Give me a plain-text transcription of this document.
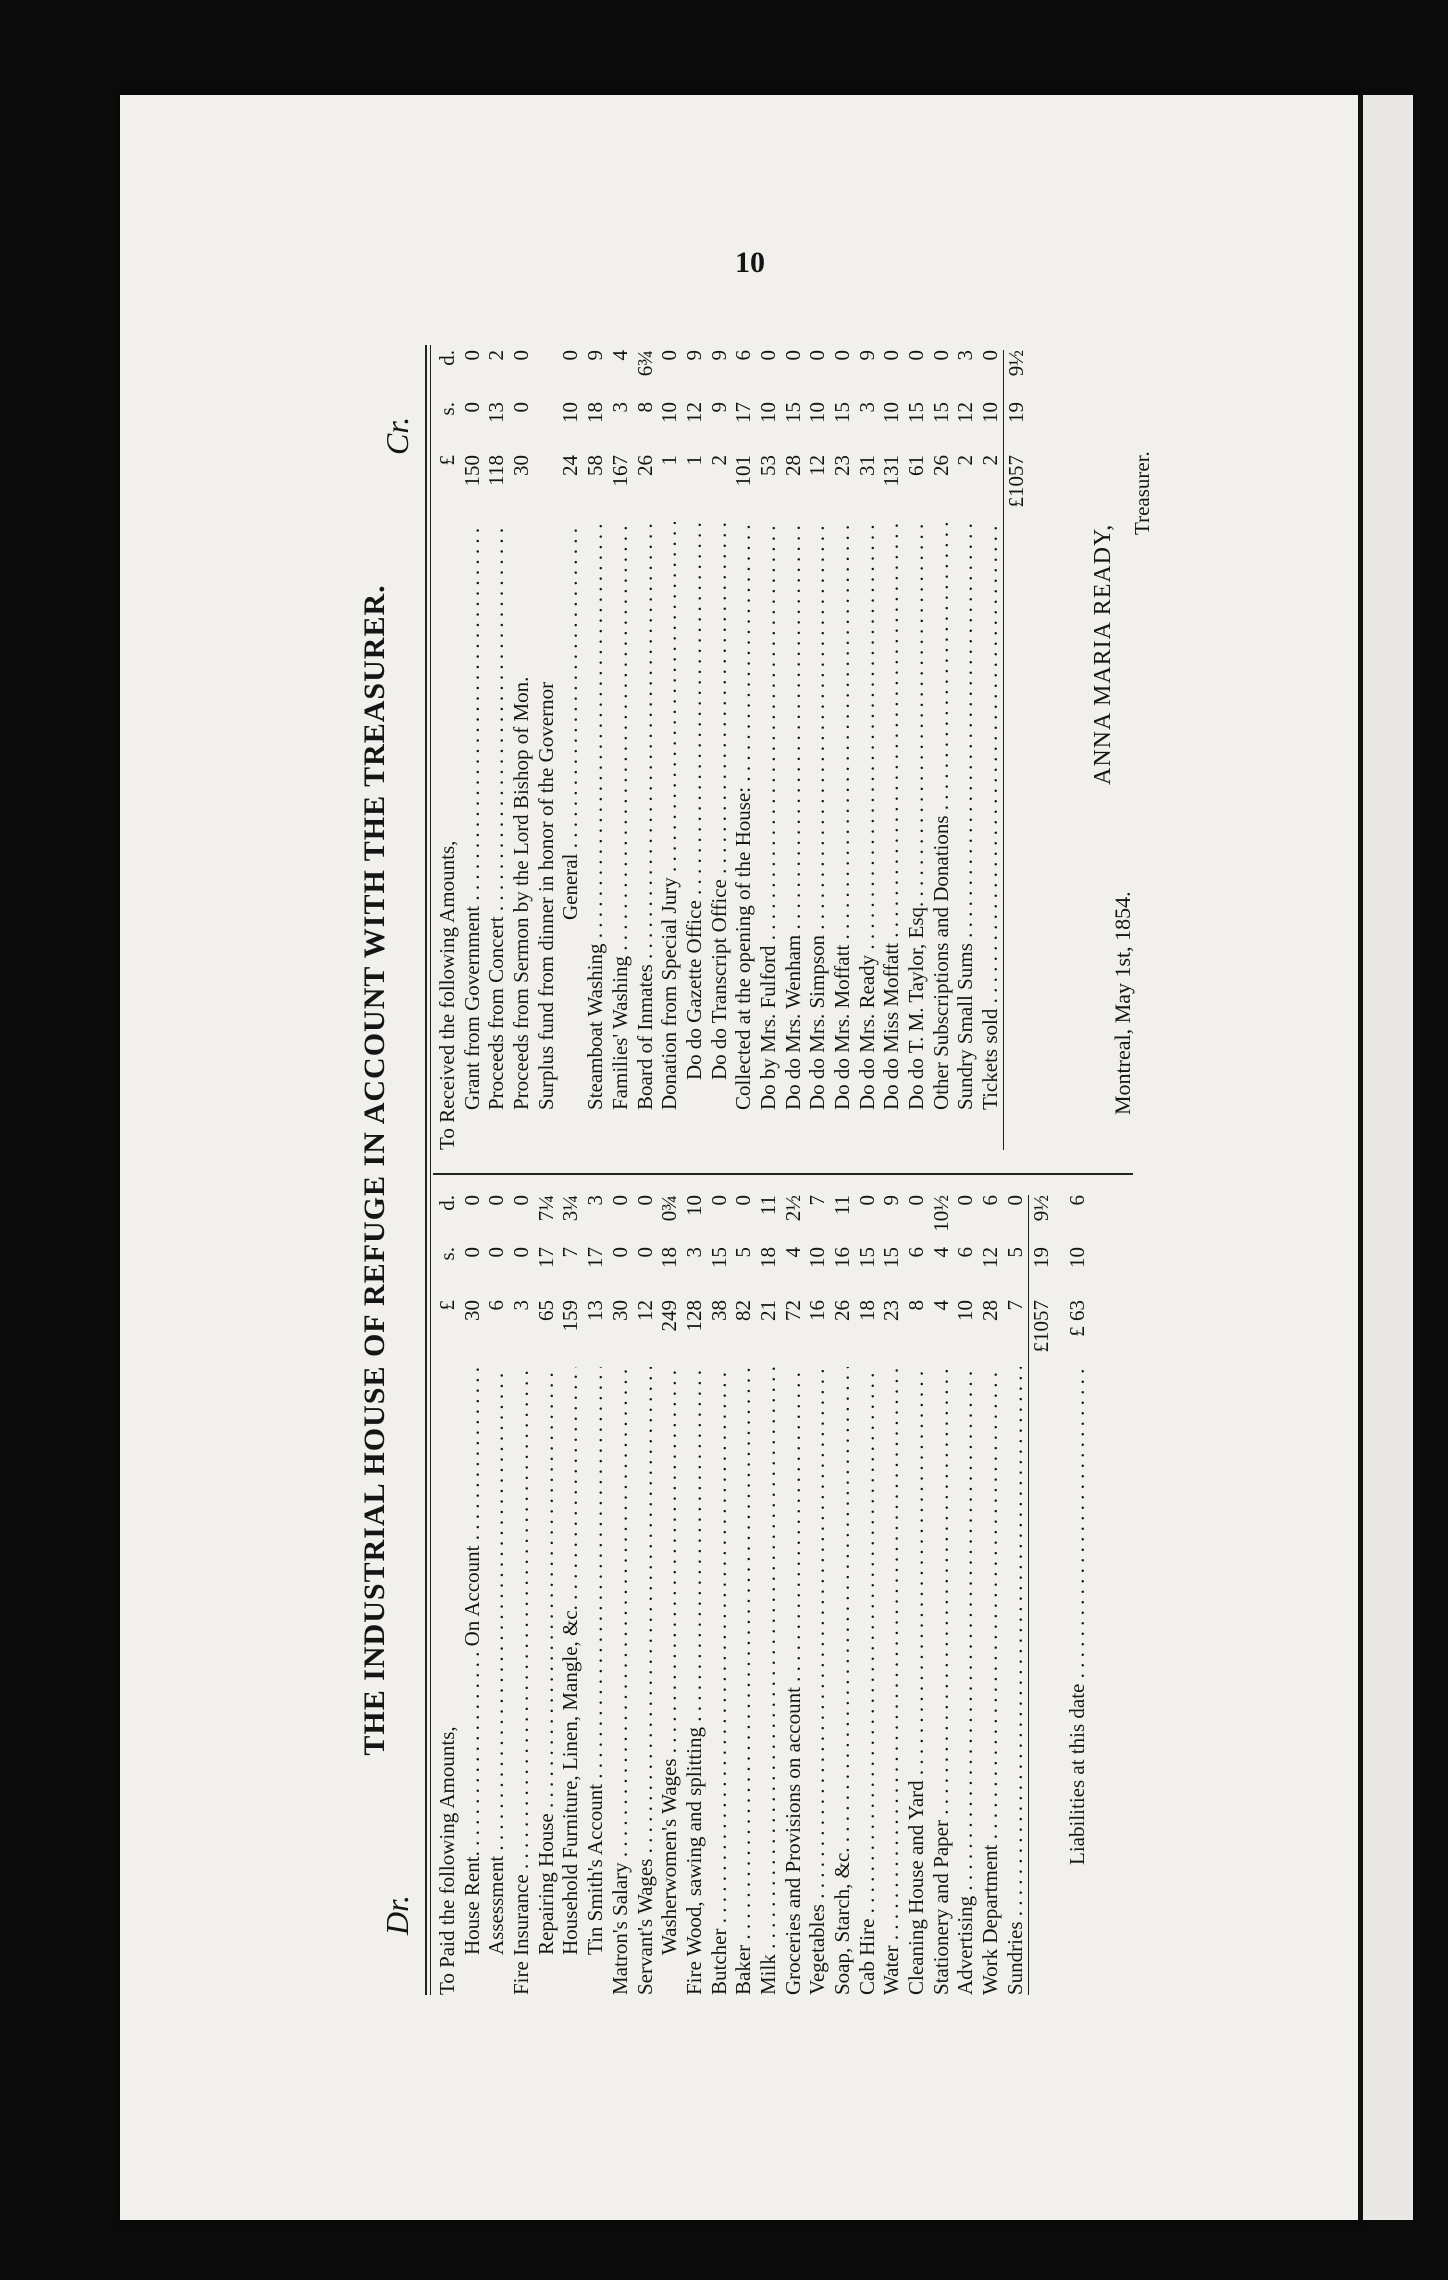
10
THE INDUSTRIAL HOUSE OF REFUGE IN ACCOUNT WITH THE TREASURER.
Dr.
Cr.
To Paid the following Amounts,
£
s.
d.
House Rent. . . . . . . . . . . . . . . . . . . . On Account . . .
30
0
0
Assessment . . .
6
0
0
Fire Insurance . . .
3
0
0
Repairing House . . .
65
17
7¼
Household Furniture, Linen, Mangle, &c. . . .
159
7
3¼
Tin Smith's Account . . .
13
17
3
Matron's Salary . . .
30
0
0
Servant's Wages . . .
12
0
0
Washerwomen's Wages . . .
249
18
0¾
Fire Wood, sawing and splitting . . .
128
3
10
Butcher . . .
38
15
0
Baker . . .
82
5
0
Milk . . .
21
18
11
Groceries and Provisions on account . . .
72
4
2½
Vegetables . . .
16
10
7
Soap, Starch, &c. . . .
26
16
11
Cab Hire . . .
18
15
0
Water . . .
23
15
9
Cleaning House and Yard . . .
8
6
0
Stationery and Paper . . .
4
4
10½
Advertising . . .
10
6
0
Work Department . . .
28
12
6
Sundries . . .
7
5
0
£1057
19
9½
Liabilities at this date . . .
£ 63
10
6
To Received the following Amounts,
£
s.
d.
Grant from Government . . .
150
0
0
Proceeds from Concert . . .
118
13
2
Proceeds from Sermon by the Lord Bishop of Mon.
30
0
0
Surplus fund from dinner in honor of the Governor General . . .
24
10
0
Steamboat Washing . . .
58
18
9
Families' Washing . . .
167
3
4
Board of Inmates . . .
26
8
6¾
Donation from Special Jury . . .
1
10
0
Do do Gazette Office . . .
1
12
9
Do do Transcript Office . . .
2
9
9
Collected at the opening of the House: . . .
101
17
6
Do by Mrs. Fulford . . .
53
10
0
Do do Mrs. Wenham . . .
28
15
0
Do do Mrs. Simpson . . .
12
10
0
Do do Mrs. Moffatt . . .
23
15
0
Do do Mrs. Ready . . .
31
3
9
Do do Miss Moffatt . . .
131
10
0
Do do T. M. Taylor, Esq. . . .
61
15
0
Other Subscriptions and Donations . . .
26
15
0
Sundry Small Sums . . .
2
12
3
Tickets sold . . .
2
10
0
£1057
19
9½
Montreal, May 1st, 1854.
ANNA MARIA READY,
Treasurer.
